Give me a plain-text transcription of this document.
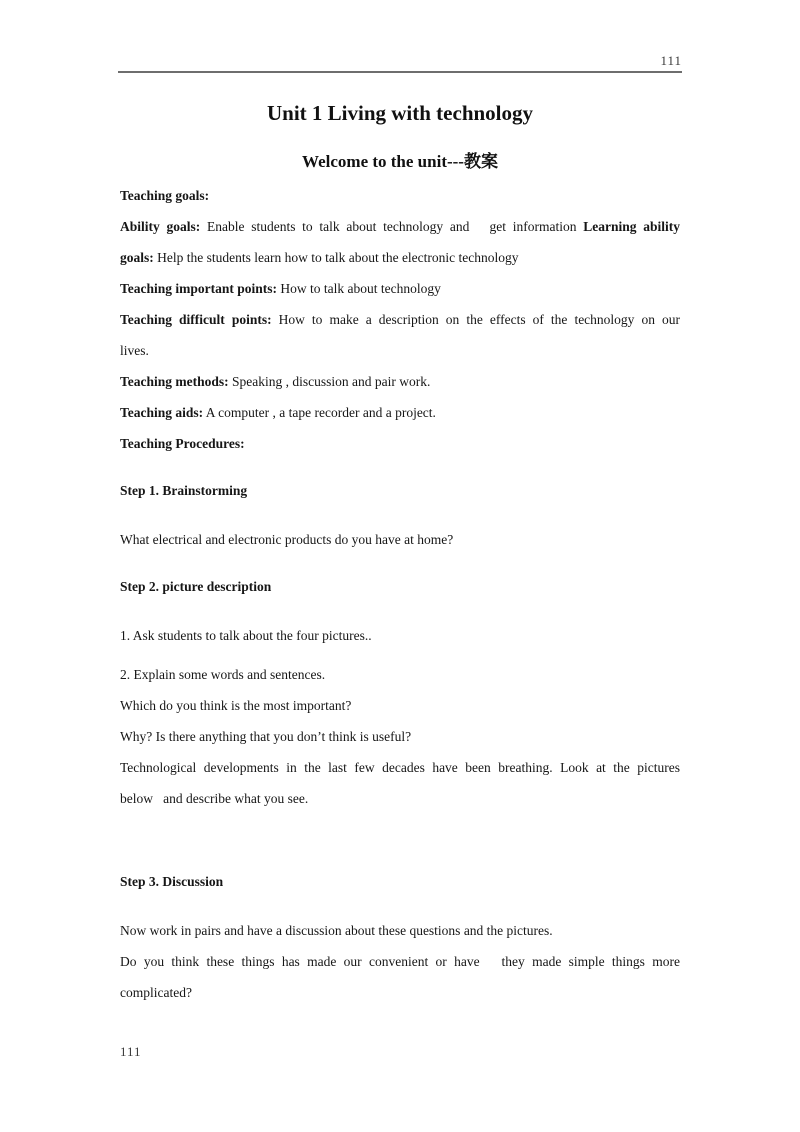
111
Unit 1 Living with technology
Welcome to the unit---教案

Teaching goals:

Ability goals: Enable students to talk about technology and   get information Learning ability

goals: Help the students learn how to talk about the electronic technology

Teaching important points: How to talk about technology

Teaching difficult points: How to make a description on the effects of the technology on our

lives.

Teaching methods: Speaking , discussion and pair work.

Teaching aids: A computer , a tape recorder and a project.

Teaching Procedures:

Step 1. Brainstorming

What electrical and electronic products do you have at home?

Step 2. picture description

1. Ask students to talk about the four pictures..

2. Explain some words and sentences.

Which do you think is the most important?

Why? Is there anything that you don’t think is useful?

Technological developments in the last few decades have been breathing. Look at the pictures

below   and describe what you see.

Step 3. Discussion

Now work in pairs and have a discussion about these questions and the pictures.

Do you think these things has made our convenient or have   they made simple things more

complicated?

111
